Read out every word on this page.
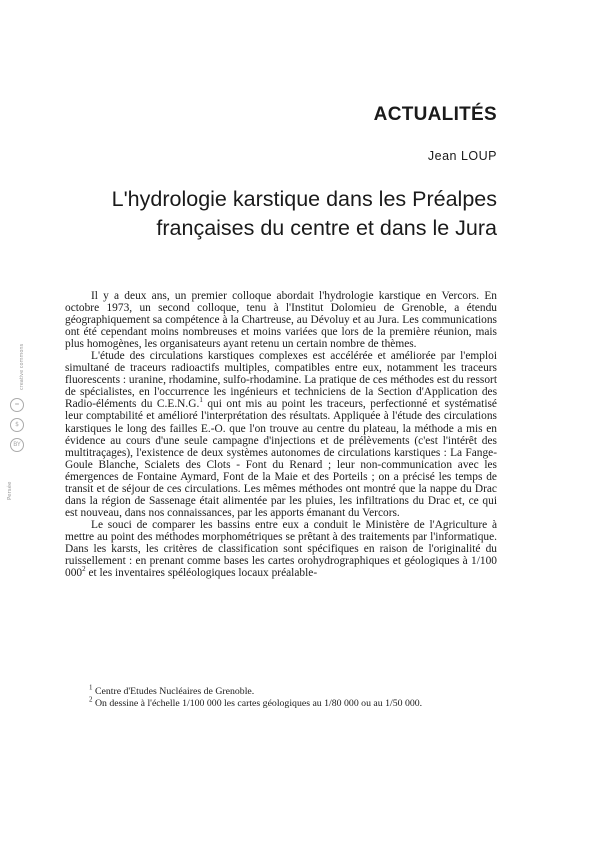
ACTUALITÉS
Jean LOUP
L'hydrologie karstique dans les Préalpes
françaises du centre et dans le Jura

Il y a deux ans, un premier colloque abordait l'hydrologie karstique en Vercors. En octobre 1973, un second colloque, tenu à l'Institut Dolomieu de Grenoble, a étendu géographiquement sa compétence à la Chartreuse, au Dévoluy et au Jura. Les communications ont été cependant moins nombreuses et moins variées que lors de la première réunion, mais plus homogènes, les organisateurs ayant retenu un certain nombre de thèmes.

L'étude des circulations karstiques complexes est accélérée et améliorée par l'emploi simultané de traceurs radioactifs multiples, compatibles entre eux, notamment les traceurs fluorescents : uranine, rhodamine, sulfo-rhodamine. La pratique de ces méthodes est du ressort de spécialistes, en l'occurrence les ingénieurs et techniciens de la Section d'Application des Radio-éléments du C.E.N.G.$^1$ qui ont mis au point les traceurs, perfectionné et systématisé leur comptabilité et amélioré l'interprétation des résultats. Appliquée à l'étude des circulations karstiques le long des failles E.-O. que l'on trouve au centre du plateau, la méthode a mis en évidence au cours d'une seule campagne d'injections et de prélèvements (c'est l'intérêt des multitraçages), l'existence de deux systèmes autonomes de circulations karstiques : La Fange-Goule Blanche, Scialets des Clots - Font du Renard ; leur non-communication avec les émergences de Fontaine Aymard, Font de la Maie et des Porteils ; on a précisé les temps de transit et de séjour de ces circulations. Les mêmes méthodes ont montré que la nappe du Drac dans la région de Sassenage était alimentée par les pluies, les infiltrations du Drac et, ce qui est nouveau, dans nos connaissances, par les apports émanant du Vercors.

Le souci de comparer les bassins entre eux a conduit le Ministère de l'Agriculture à mettre au point des méthodes morphométriques se prêtant à des traitements par l'informatique. Dans les karsts, les critères de classification sont spécifiques en raison de l'originalité du ruissellement : en prenant comme bases les cartes orohydrographiques et géologiques à 1/100 $000^2$ et les inventaires spéléologiques locaux préalable-

$^1$ Centre d'Etudes Nucléaires de Grenoble.

$^2$ On dessine à l'échelle 1/100 000 les cartes géologiques au 1/80 000 ou au 1/50 000.

creative commons
=
$
BY
Persée
